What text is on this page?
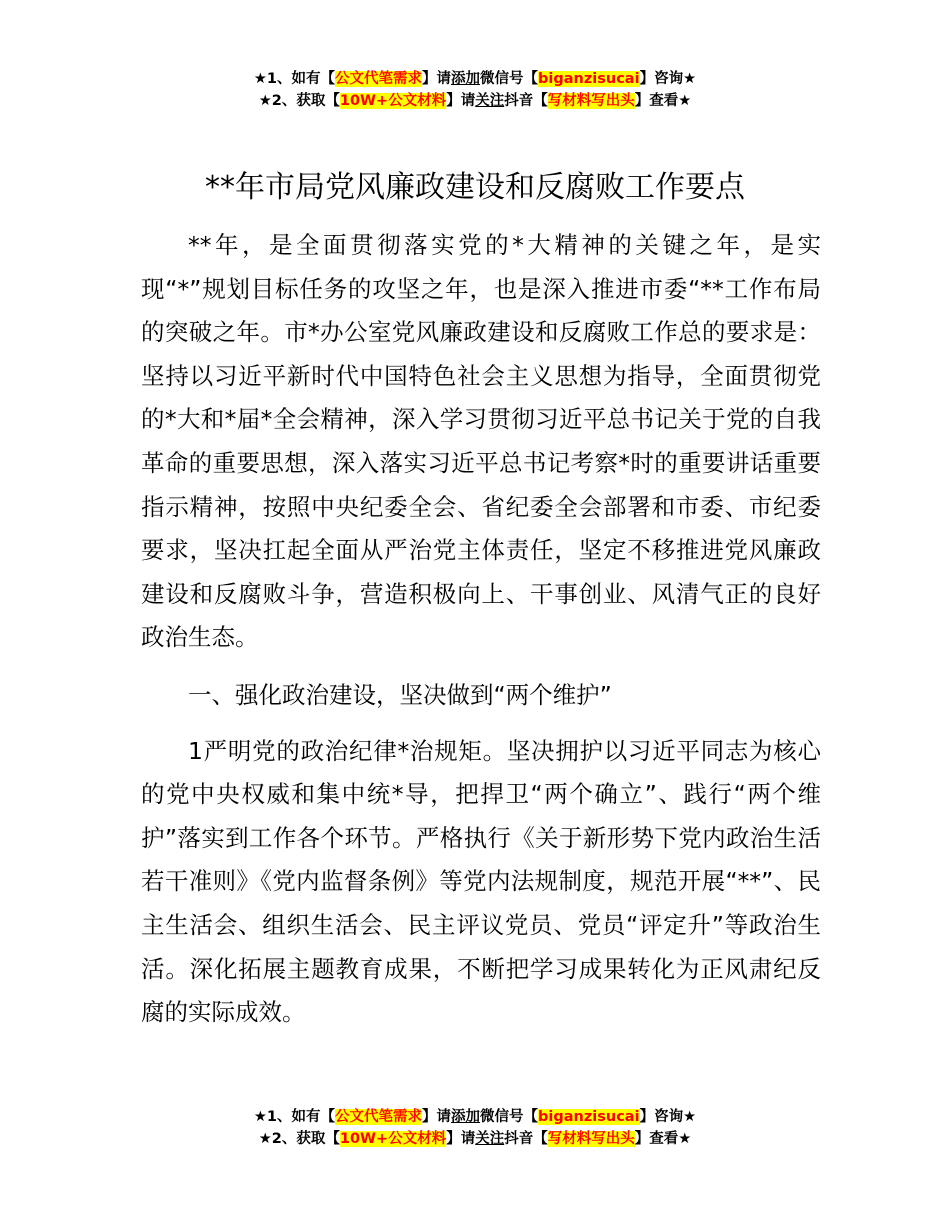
★1、如有【公文代笔需求】请添加微信号【biganzisucai】咨询★
★2、获取【10W+公文材料】请关注抖音【写材料写出头】查看★
**年市局党风廉政建设和反腐败工作要点

**年，是全面贯彻落实党的*大精神的关键之年，是实现“*”规划目标任务的攻坚之年，也是深入推进市委“**工作布局的突破之年。市*办公室党风廉政建设和反腐败工作总的要求是：坚持以习近平新时代中国特色社会主义思想为指导，全面贯彻党的*大和*届*全会精神，深入学习贯彻习近平总书记关于党的自我革命的重要思想，深入落实习近平总书记考察*时的重要讲话重要指示精神，按照中央纪委全会、省纪委全会部署和市委、市纪委要求，坚决扛起全面从严治党主体责任，坚定不移推进党风廉政建设和反腐败斗争，营造积极向上、干事创业、风清气正的良好政治生态。

一、强化政治建设，坚决做到“两个维护”

1严明党的政治纪律*治规矩。坚决拥护以习近平同志为核心的党中央权威和集中统*导，把捍卫“两个确立”、践行“两个维护”落实到工作各个环节。严格执行《关于新形势下党内政治生活若干准则》《党内监督条例》等党内法规制度，规范开展“**”、民主生活会、组织生活会、民主评议党员、党员“评定升”等政治生活。深化拓展主题教育成果，不断把学习成果转化为正风肃纪反腐的实际成效。

★1、如有【公文代笔需求】请添加微信号【biganzisucai】咨询★
★2、获取【10W+公文材料】请关注抖音【写材料写出头】查看★
